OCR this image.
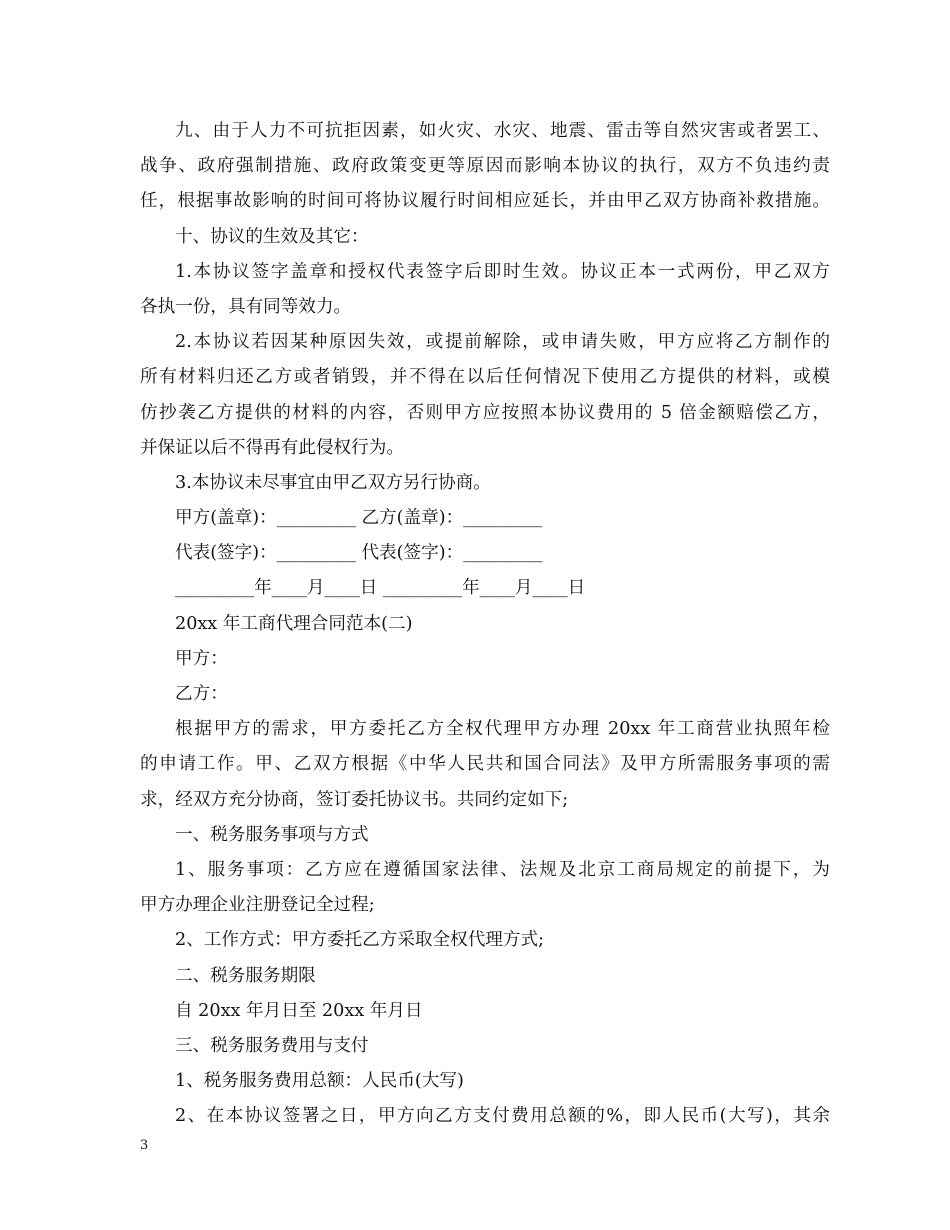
九、由于人力不可抗拒因素，如火灾、水灾、地震、雷击等自然灾害或者罢工、
战争、政府强制措施、政府政策变更等原因而影响本协议的执行，双方不负违约责
任，根据事故影响的时间可将协议履行时间相应延长，并由甲乙双方协商补救措施。
十、协议的生效及其它：
1.本协议签字盖章和授权代表签字后即时生效。协议正本一式两份，甲乙双方
各执一份，具有同等效力。
2.本协议若因某种原因失效，或提前解除，或申请失败，甲方应将乙方制作的
所有材料归还乙方或者销毁，并不得在以后任何情况下使用乙方提供的材料，或模
仿抄袭乙方提供的材料的内容，否则甲方应按照本协议费用的 5 倍金额赔偿乙方，
并保证以后不得再有此侵权行为。
3.本协议未尽事宜由甲乙双方另行协商。
甲方(盖章)：_________ 乙方(盖章)：_________
代表(签字)：_________ 代表(签字)：_________
_________年____月____日 _________年____月____日
20xx 年工商代理合同范本(二)
甲方：
乙方：
根据甲方的需求，甲方委托乙方全权代理甲方办理 20xx 年工商营业执照年检
的申请工作。甲、乙双方根据《中华人民共和国合同法》及甲方所需服务事项的需
求，经双方充分协商，签订委托协议书。共同约定如下;
一、税务服务事项与方式
1、服务事项：乙方应在遵循国家法律、法规及北京工商局规定的前提下，为
甲方办理企业注册登记全过程;
2、工作方式：甲方委托乙方采取全权代理方式;
二、税务服务期限
自 20xx 年月日至 20xx 年月日
三、税务服务费用与支付
1、税务服务费用总额：人民币(大写)
2、在本协议签署之日，甲方向乙方支付费用总额的%，即人民币(大写)，其余
3
